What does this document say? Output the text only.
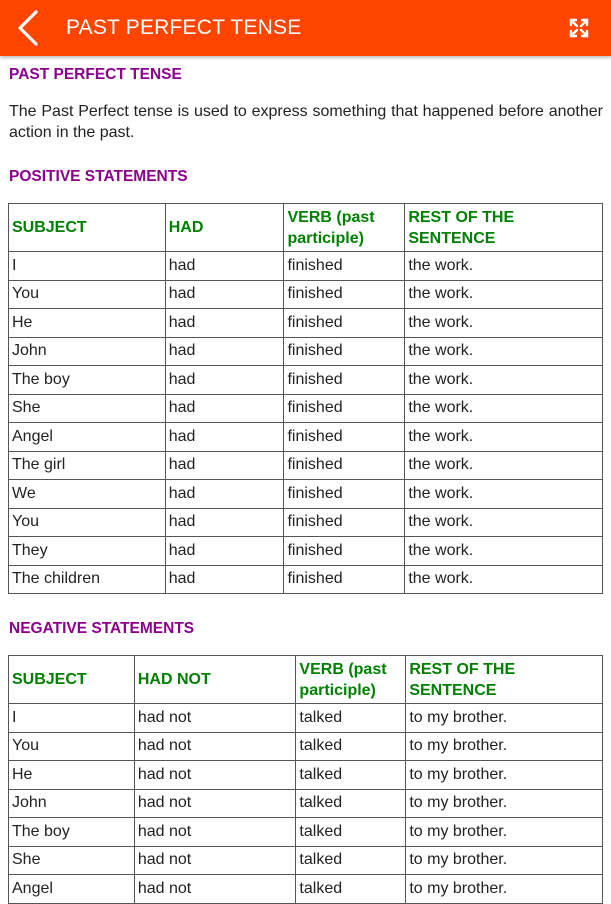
PAST PERFECT TENSE
PAST PERFECT TENSE
The Past Perfect tense is used to express something that happened before another action in the past.
POSITIVE STATEMENTS
SUBJECT	HAD	VERB (past participle)	REST OF THE SENTENCE
I	had	finished	the work.
You	had	finished	the work.
He	had	finished	the work.
John	had	finished	the work.
The boy	had	finished	the work.
She	had	finished	the work.
Angel	had	finished	the work.
The girl	had	finished	the work.
We	had	finished	the work.
You	had	finished	the work.
They	had	finished	the work.
The children	had	finished	the work.
NEGATIVE STATEMENTS
SUBJECT	HAD NOT	VERB (past participle)	REST OF THE SENTENCE
I	had not	talked	to my brother.
You	had not	talked	to my brother.
He	had not	talked	to my brother.
John	had not	talked	to my brother.
The boy	had not	talked	to my brother.
She	had not	talked	to my brother.
Angel	had not	talked	to my brother.
